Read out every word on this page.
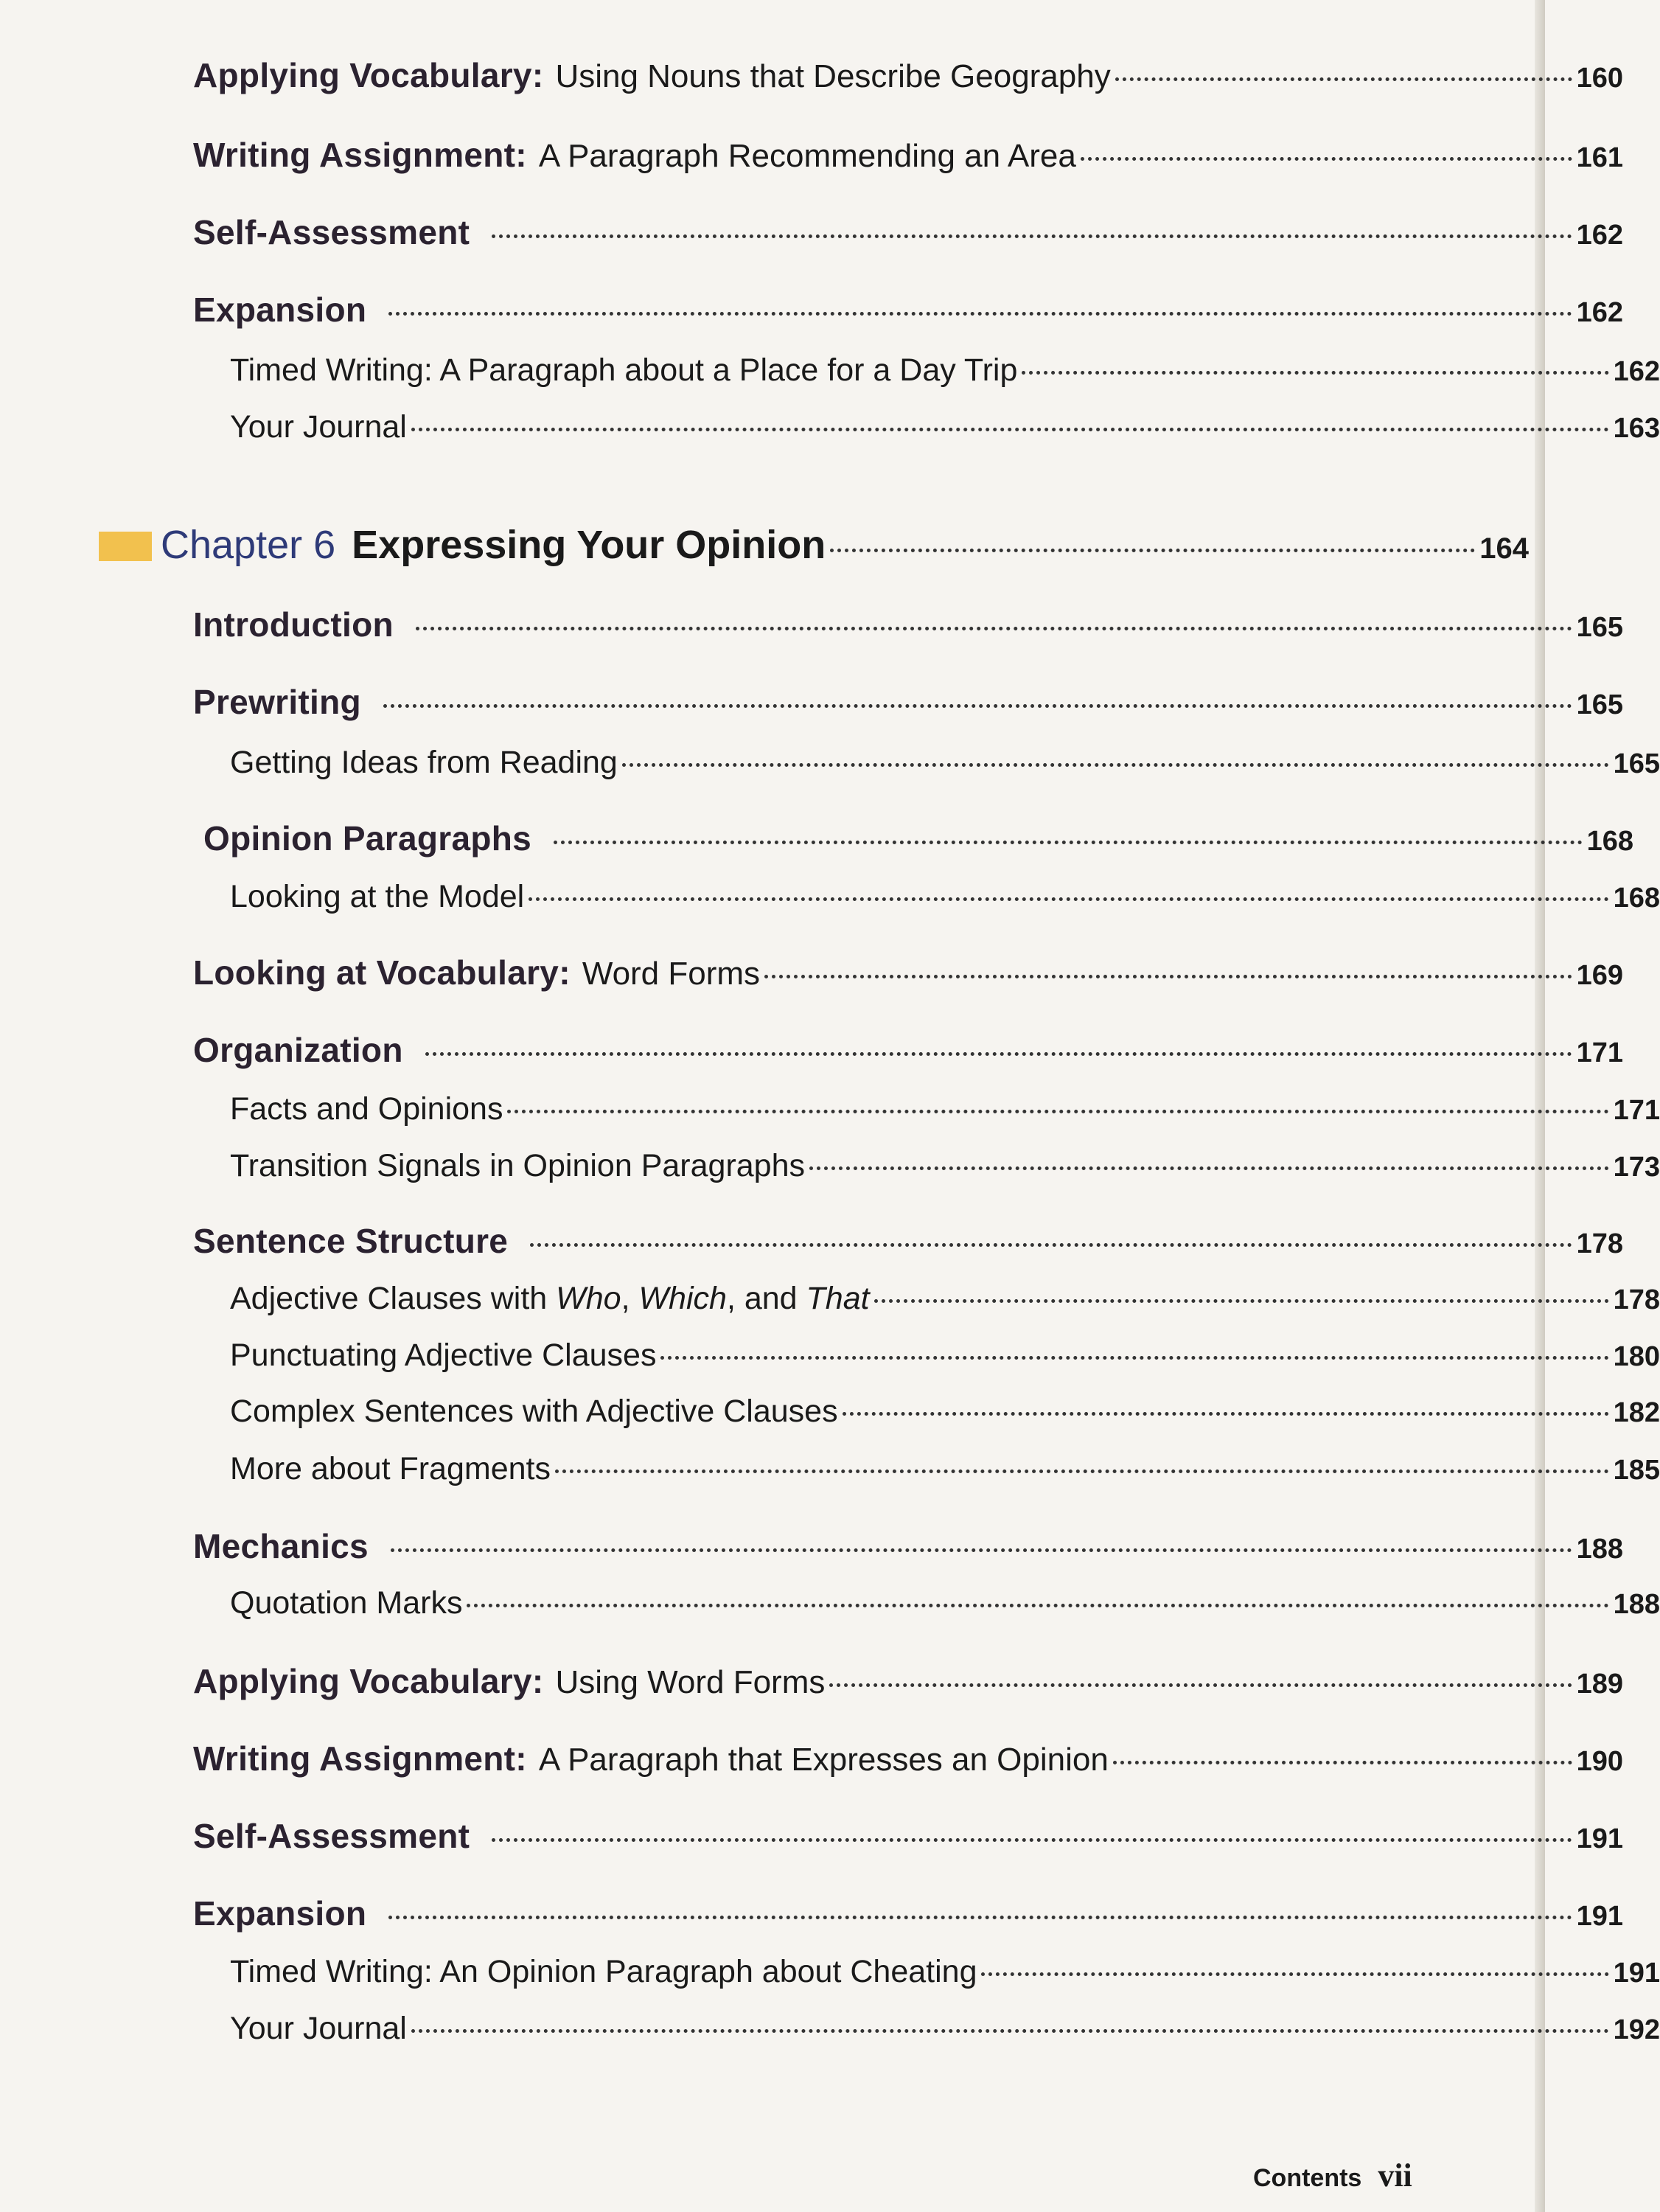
Applying Vocabulary: Using Nouns that Describe Geography	160
Writing Assignment: A Paragraph Recommending an Area	161
Self-Assessment	162
Expansion	162
Timed Writing: A Paragraph about a Place for a Day Trip	162
Your Journal	163
Chapter 6 Expressing Your Opinion	164
Introduction	165
Prewriting	165
Getting Ideas from Reading	165
Opinion Paragraphs	168
Looking at the Model	168
Looking at Vocabulary: Word Forms	169
Organization	171
Facts and Opinions	171
Transition Signals in Opinion Paragraphs	173
Sentence Structure	178
Adjective Clauses with Who, Which, and That	178
Punctuating Adjective Clauses	180
Complex Sentences with Adjective Clauses	182
More about Fragments	185
Mechanics	188
Quotation Marks	188
Applying Vocabulary: Using Word Forms	189
Writing Assignment: A Paragraph that Expresses an Opinion	190
Self-Assessment	191
Expansion	191
Timed Writing: An Opinion Paragraph about Cheating	191
Your Journal	192
Contents vii
